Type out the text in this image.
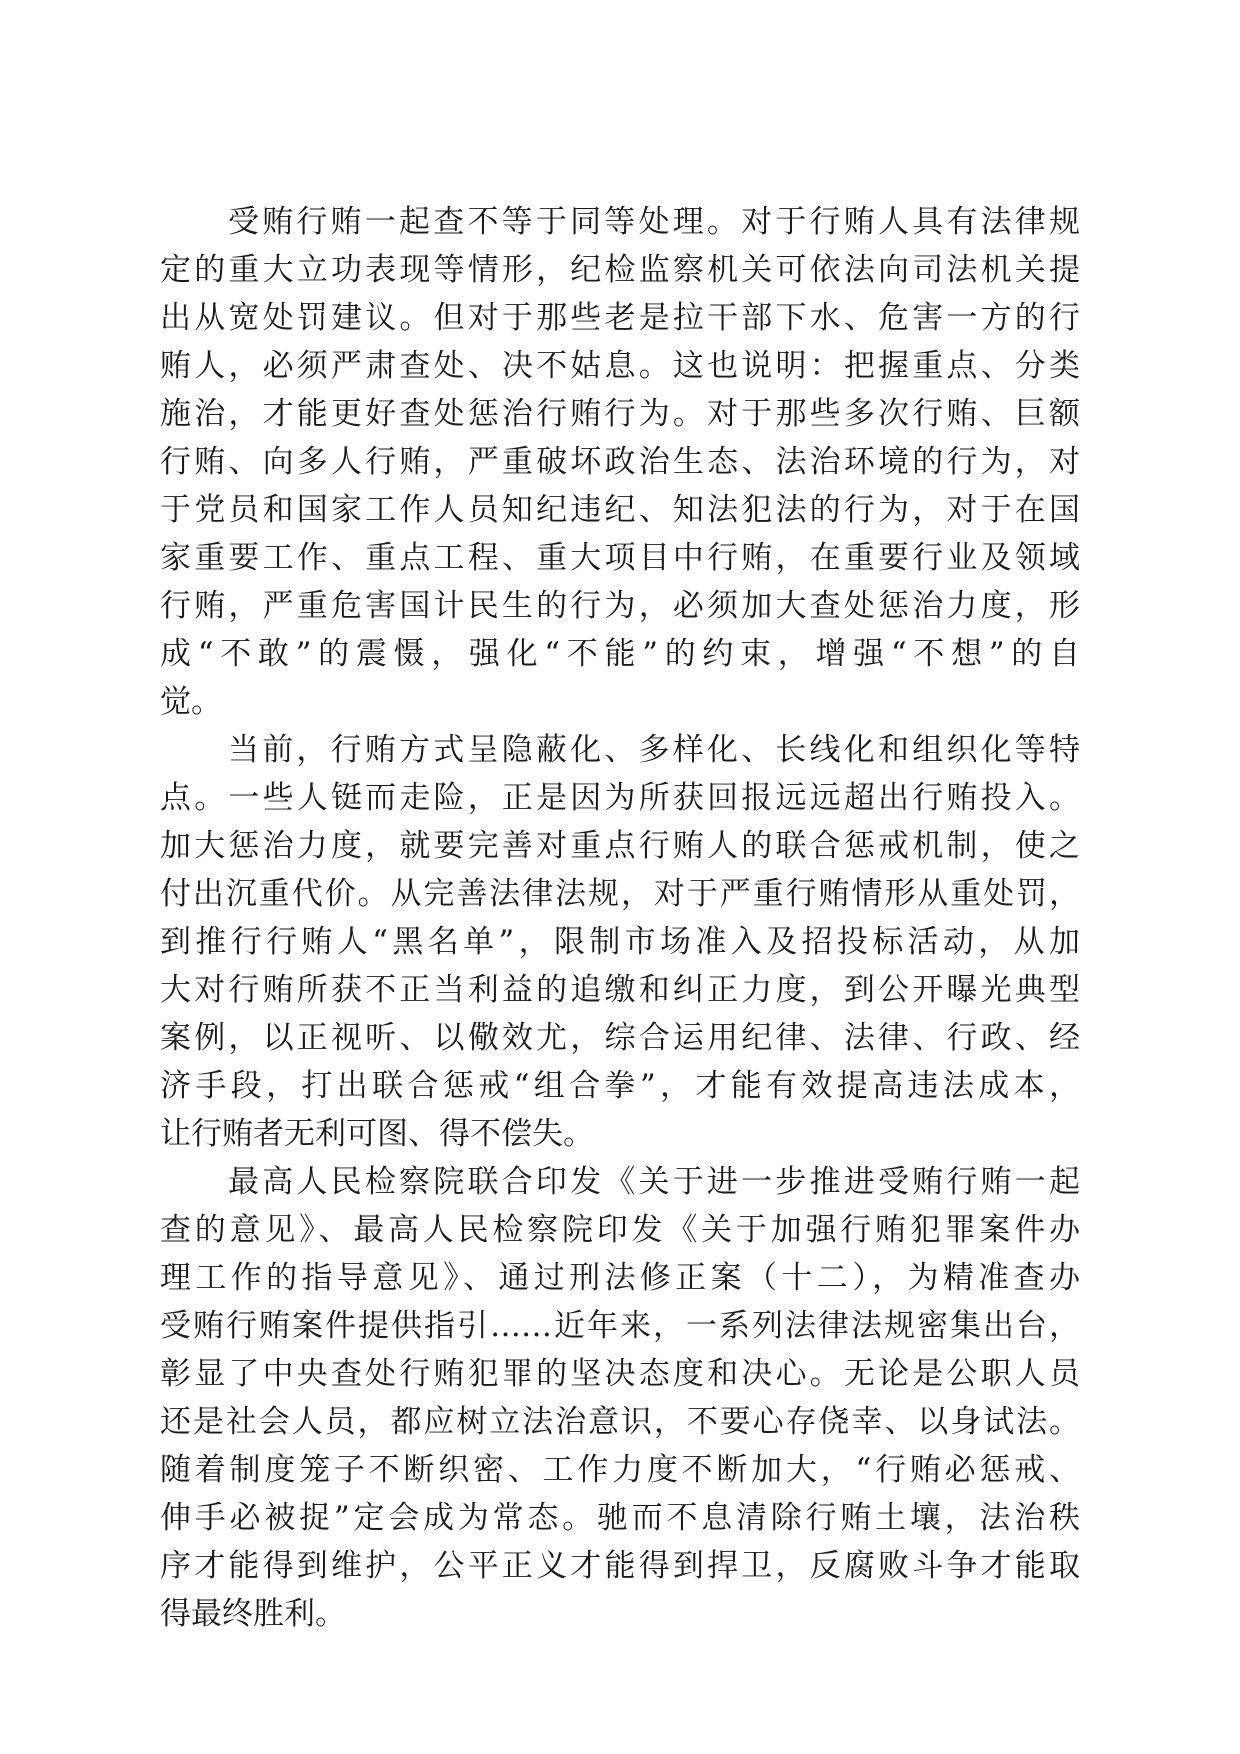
受贿行贿一起查不等于同等处理。对于行贿人具有法律规
定的重大立功表现等情形，纪检监察机关可依法向司法机关提
出从宽处罚建议。但对于那些老是拉干部下水、危害一方的行
贿人，必须严肃查处、决不姑息。这也说明：把握重点、分类
施治，才能更好查处惩治行贿行为。对于那些多次行贿、巨额
行贿、向多人行贿，严重破坏政治生态、法治环境的行为，对
于党员和国家工作人员知纪违纪、知法犯法的行为，对于在国
家重要工作、重点工程、重大项目中行贿，在重要行业及领域
行贿，严重危害国计民生的行为，必须加大查处惩治力度，形
成“不敢”的震慑，强化“不能”的约束，增强“不想”的自
觉。
当前，行贿方式呈隐蔽化、多样化、长线化和组织化等特
点。一些人铤而走险，正是因为所获回报远远超出行贿投入。
加大惩治力度，就要完善对重点行贿人的联合惩戒机制，使之
付出沉重代价。从完善法律法规，对于严重行贿情形从重处罚，
到推行行贿人“黑名单”，限制市场准入及招投标活动，从加
大对行贿所获不正当利益的追缴和纠正力度，到公开曝光典型
案例，以正视听、以儆效尤，综合运用纪律、法律、行政、经
济手段，打出联合惩戒“组合拳”，才能有效提高违法成本，
让行贿者无利可图、得不偿失。
最高人民检察院联合印发《关于进一步推进受贿行贿一起
查的意见》、最高人民检察院印发《关于加强行贿犯罪案件办
理工作的指导意见》、通过刑法修正案（十二），为精准查办
受贿行贿案件提供指引……近年来，一系列法律法规密集出台，
彰显了中央查处行贿犯罪的坚决态度和决心。无论是公职人员
还是社会人员，都应树立法治意识，不要心存侥幸、以身试法。
随着制度笼子不断织密、工作力度不断加大，“行贿必惩戒、
伸手必被捉”定会成为常态。驰而不息清除行贿土壤，法治秩
序才能得到维护，公平正义才能得到捍卫，反腐败斗争才能取
得最终胜利。
